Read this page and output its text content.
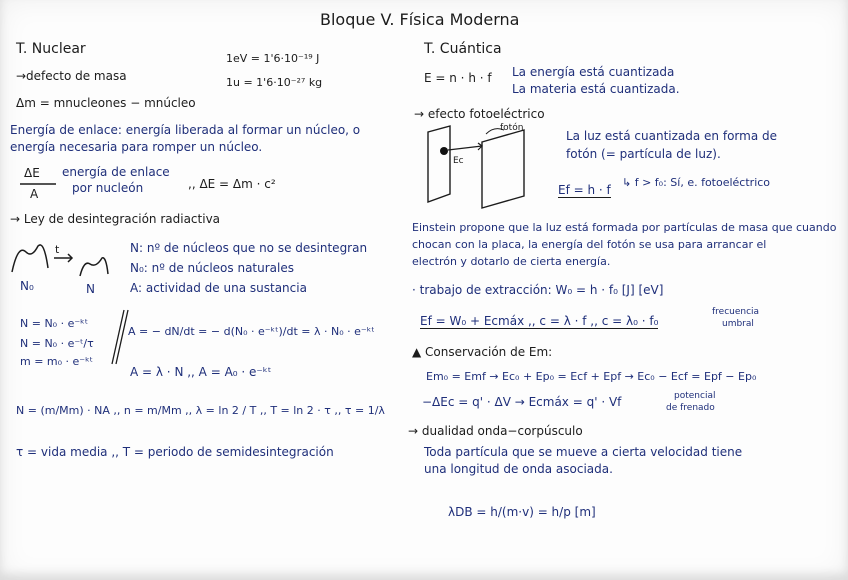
Bloque V. Física Moderna
T. Nuclear
1eV = 1'6·10⁻¹⁹ J
1u = 1'6·10⁻²⁷ kg
→defecto de masa
Δm = mnucleones − mnúcleo
Energía de enlace: energía liberada al formar un núcleo, o
energía necesaria para romper un núcleo.
ΔE
A
energía de enlace
por nucleón	,, ΔE = Δm · c²
→ Ley de desintegración radiactiva
t
N₀	N
N: nº de núcleos que no se desintegran
N₀: nº de núcleos naturales
A: actividad de una sustancia
N = N₀ · e⁻ᵏᵗ
N = N₀ · e⁻ᵗ/τ
m = m₀ · e⁻ᵏᵗ
A = − dN/dt = − d(N₀ · e⁻ᵏᵗ)/dt = λ · N₀ · e⁻ᵏᵗ
A = λ · N ,, A = A₀ · e⁻ᵏᵗ
N = (m/Mm) · NA ,, n = m/Mm ,, λ = ln 2 / T ,, T = ln 2 · τ ,, τ = 1/λ
τ = vida media ,, T = periodo de semidesintegración
T. Cuántica
E = n · h · f La energía está cuantizada
La materia está cuantizada.
→ efecto fotoeléctrico
fotón
Ec
La luz está cuantizada en forma de
fotón (= partícula de luz).
↳ f > f₀: Sí, e. fotoeléctrico
Ef = h · f
Einstein propone que la luz está formada por partículas de masa que cuando
chocan con la placa, la energía del fotón se usa para arrancar el
electrón y dotarlo de cierta energía.
· trabajo de extracción: W₀ = h · f₀ [J] [eV]
Ef = W₀ + Ecmáx ,, c = λ · f ,, c = λ₀ · f₀
frecuencia
umbral
▲ Conservación de Em:
Em₀ = Emf → Ec₀ + Ep₀ = Ecf + Epf → Ec₀ − Ecf = Epf − Ep₀
−ΔEc = q' · ΔV → Ecmáx = q' · Vf	potencial
de frenado
→ dualidad onda−corpúsculo
Toda partícula que se mueve a cierta velocidad tiene
una longitud de onda asociada.
λDB = h/(m·v) = h/p [m]
